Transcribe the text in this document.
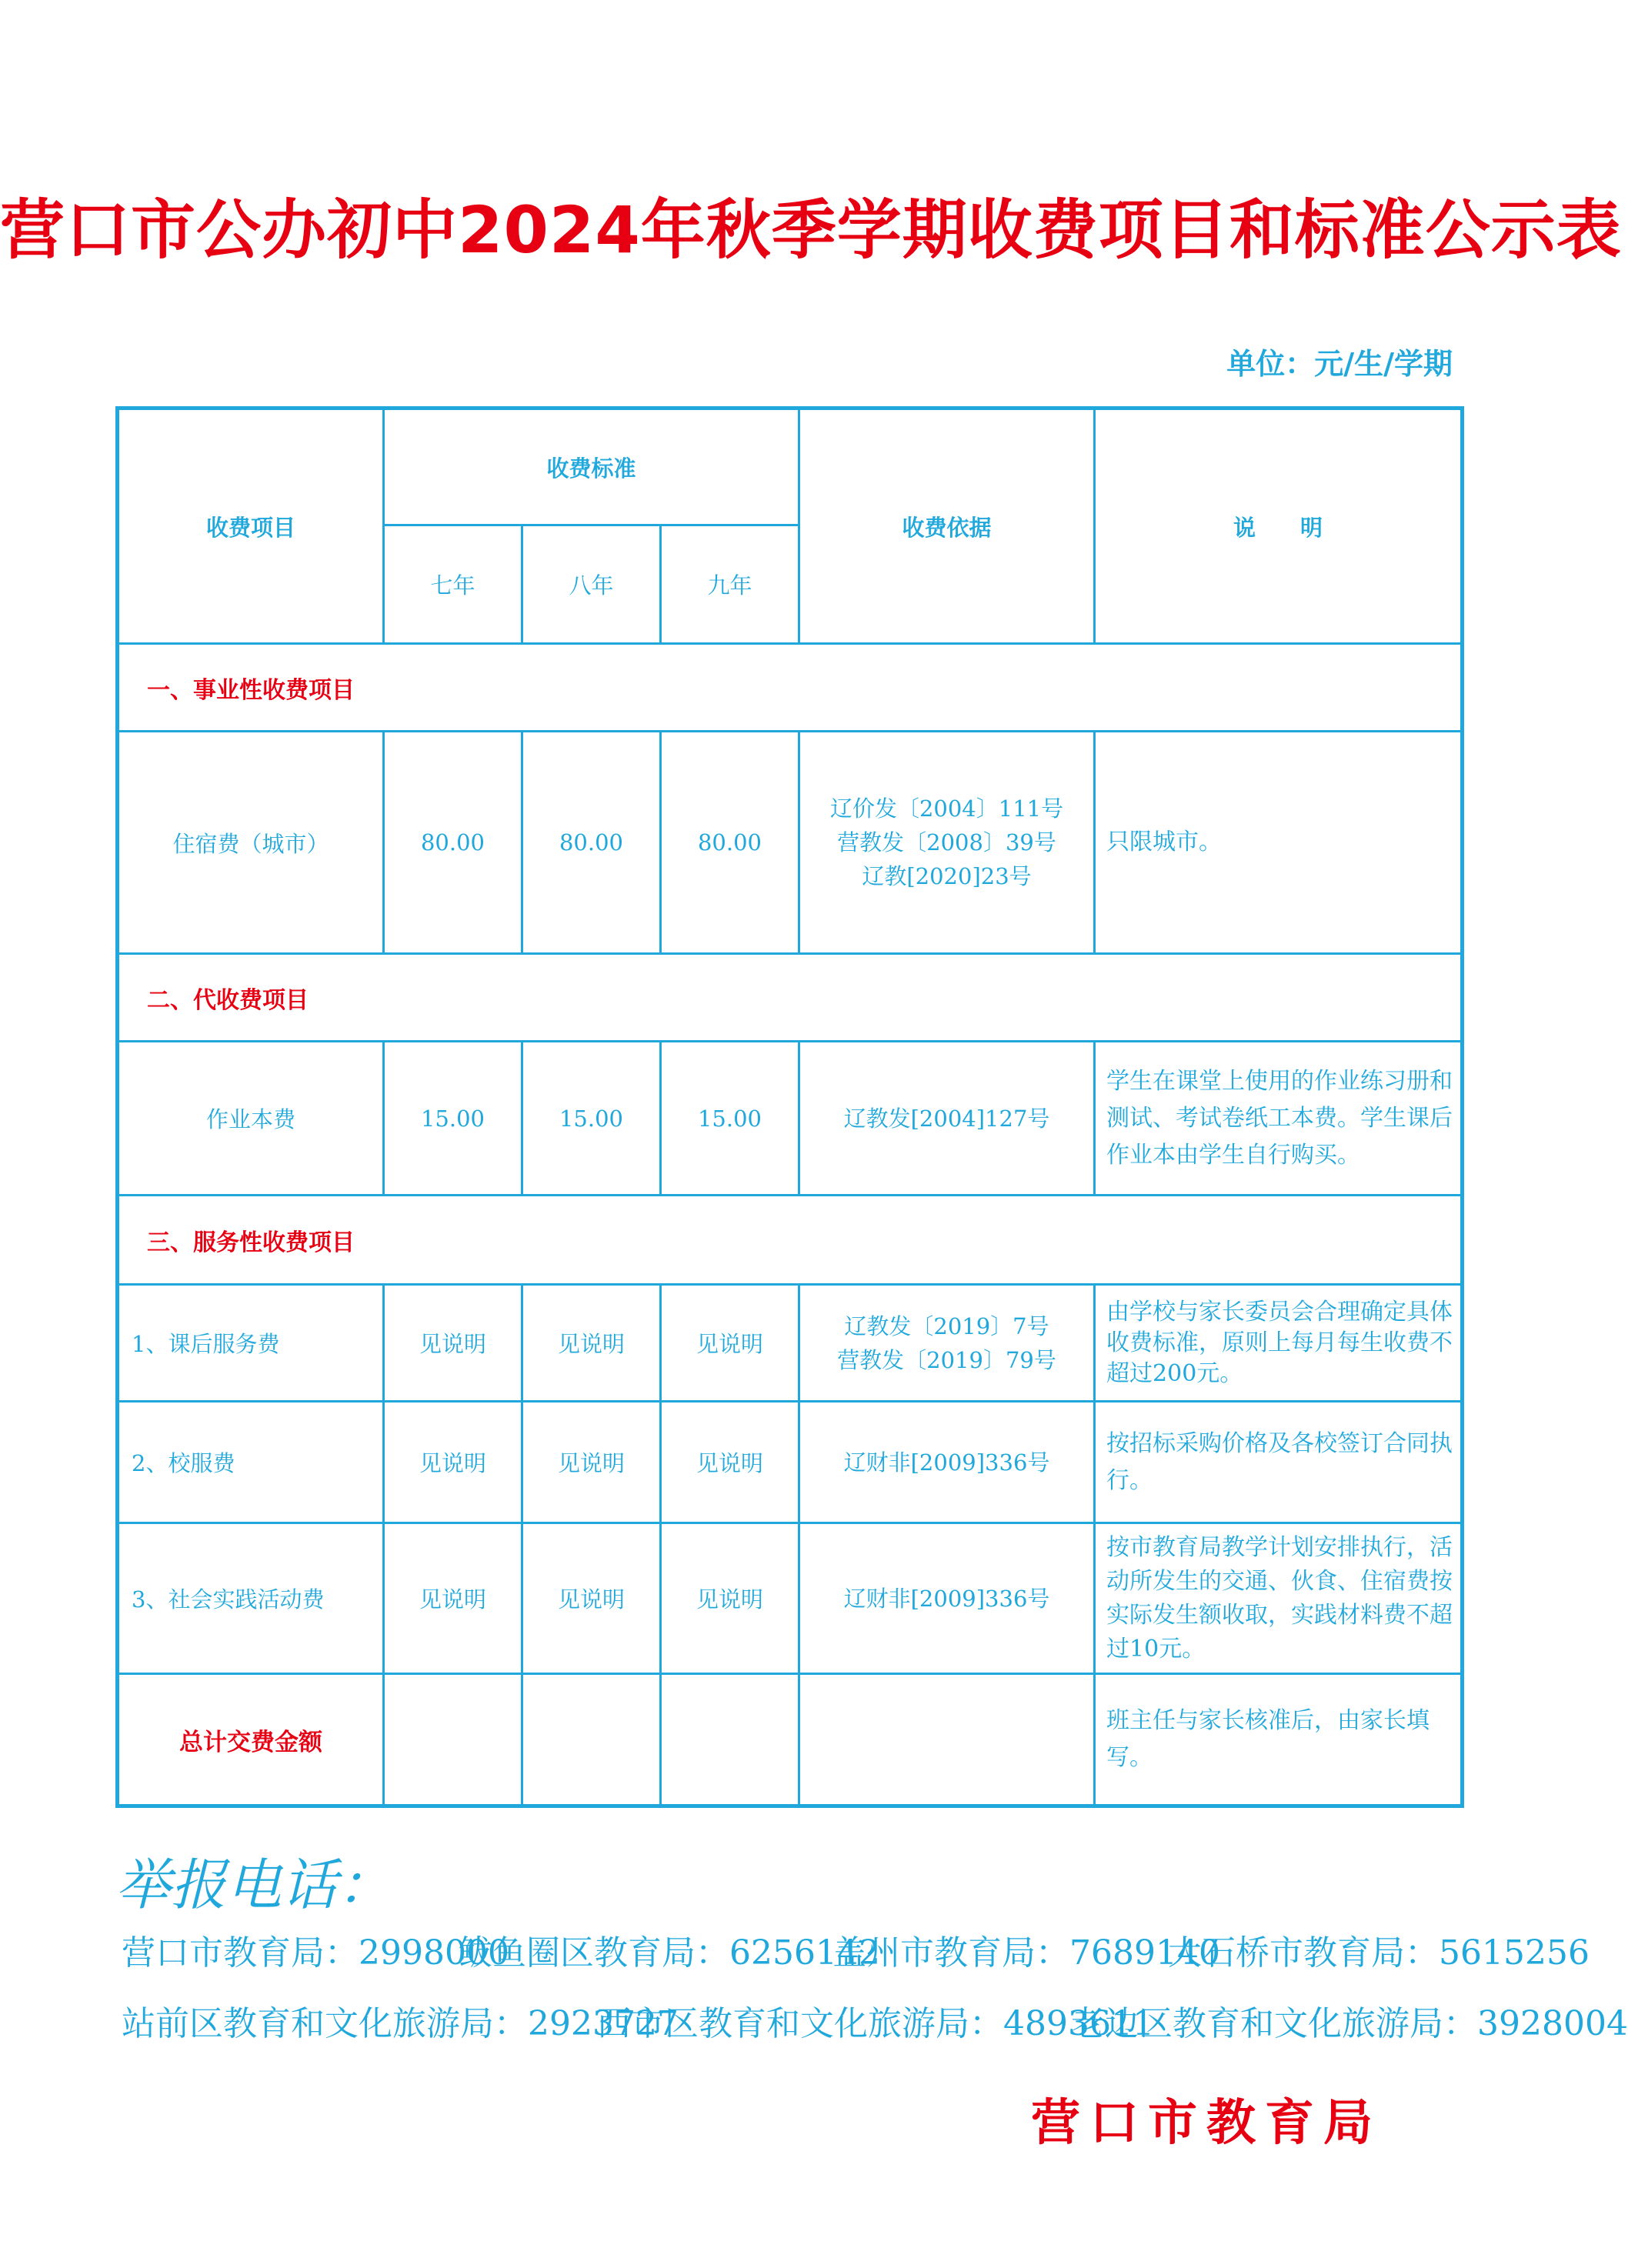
营口市公办初中2024年秋季学期收费项目和标准公示表
单位：元/生/学期
收费项目	收费标准			收费依据	说　　明
	七年	八年	九年		
一、事业性收费项目					
住宿费（城市）	80.00	80.00	80.00	辽价发〔2004〕111号
营教发〔2008〕39号
辽教[2020]23号	只限城市。
二、代收费项目					
作业本费	15.00	15.00	15.00	辽教发[2004]127号	学生在课堂上使用的作业练习册和测试、考试卷纸工本费。学生课后作业本由学生自行购买。
三、服务性收费项目					
1、课后服务费	见说明	见说明	见说明	辽教发〔2019〕7号
营教发〔2019〕79号	由学校与家长委员会合理确定具体收费标准，原则上每月每生收费不超过200元。
2、校服费	见说明	见说明	见说明	辽财非[2009]336号	按招标采购价格及各校签订合同执行。
3、社会实践活动费	见说明	见说明	见说明	辽财非[2009]336号	按市教育局教学计划安排执行，活动所发生的交通、伙食、住宿费按实际发生额收取，实践材料费不超过10元。
总计交费金额					班主任与家长核准后，由家长填写。
举报电话：
营口市教育局：2998000
鲅鱼圈区教育局：6256142
盖州市教育局：7689140
大石桥市教育局：5615256
站前区教育和文化旅游局：2923727
西市区教育和文化旅游局：4893611
老边区教育和文化旅游局：3928004
营口市教育局
